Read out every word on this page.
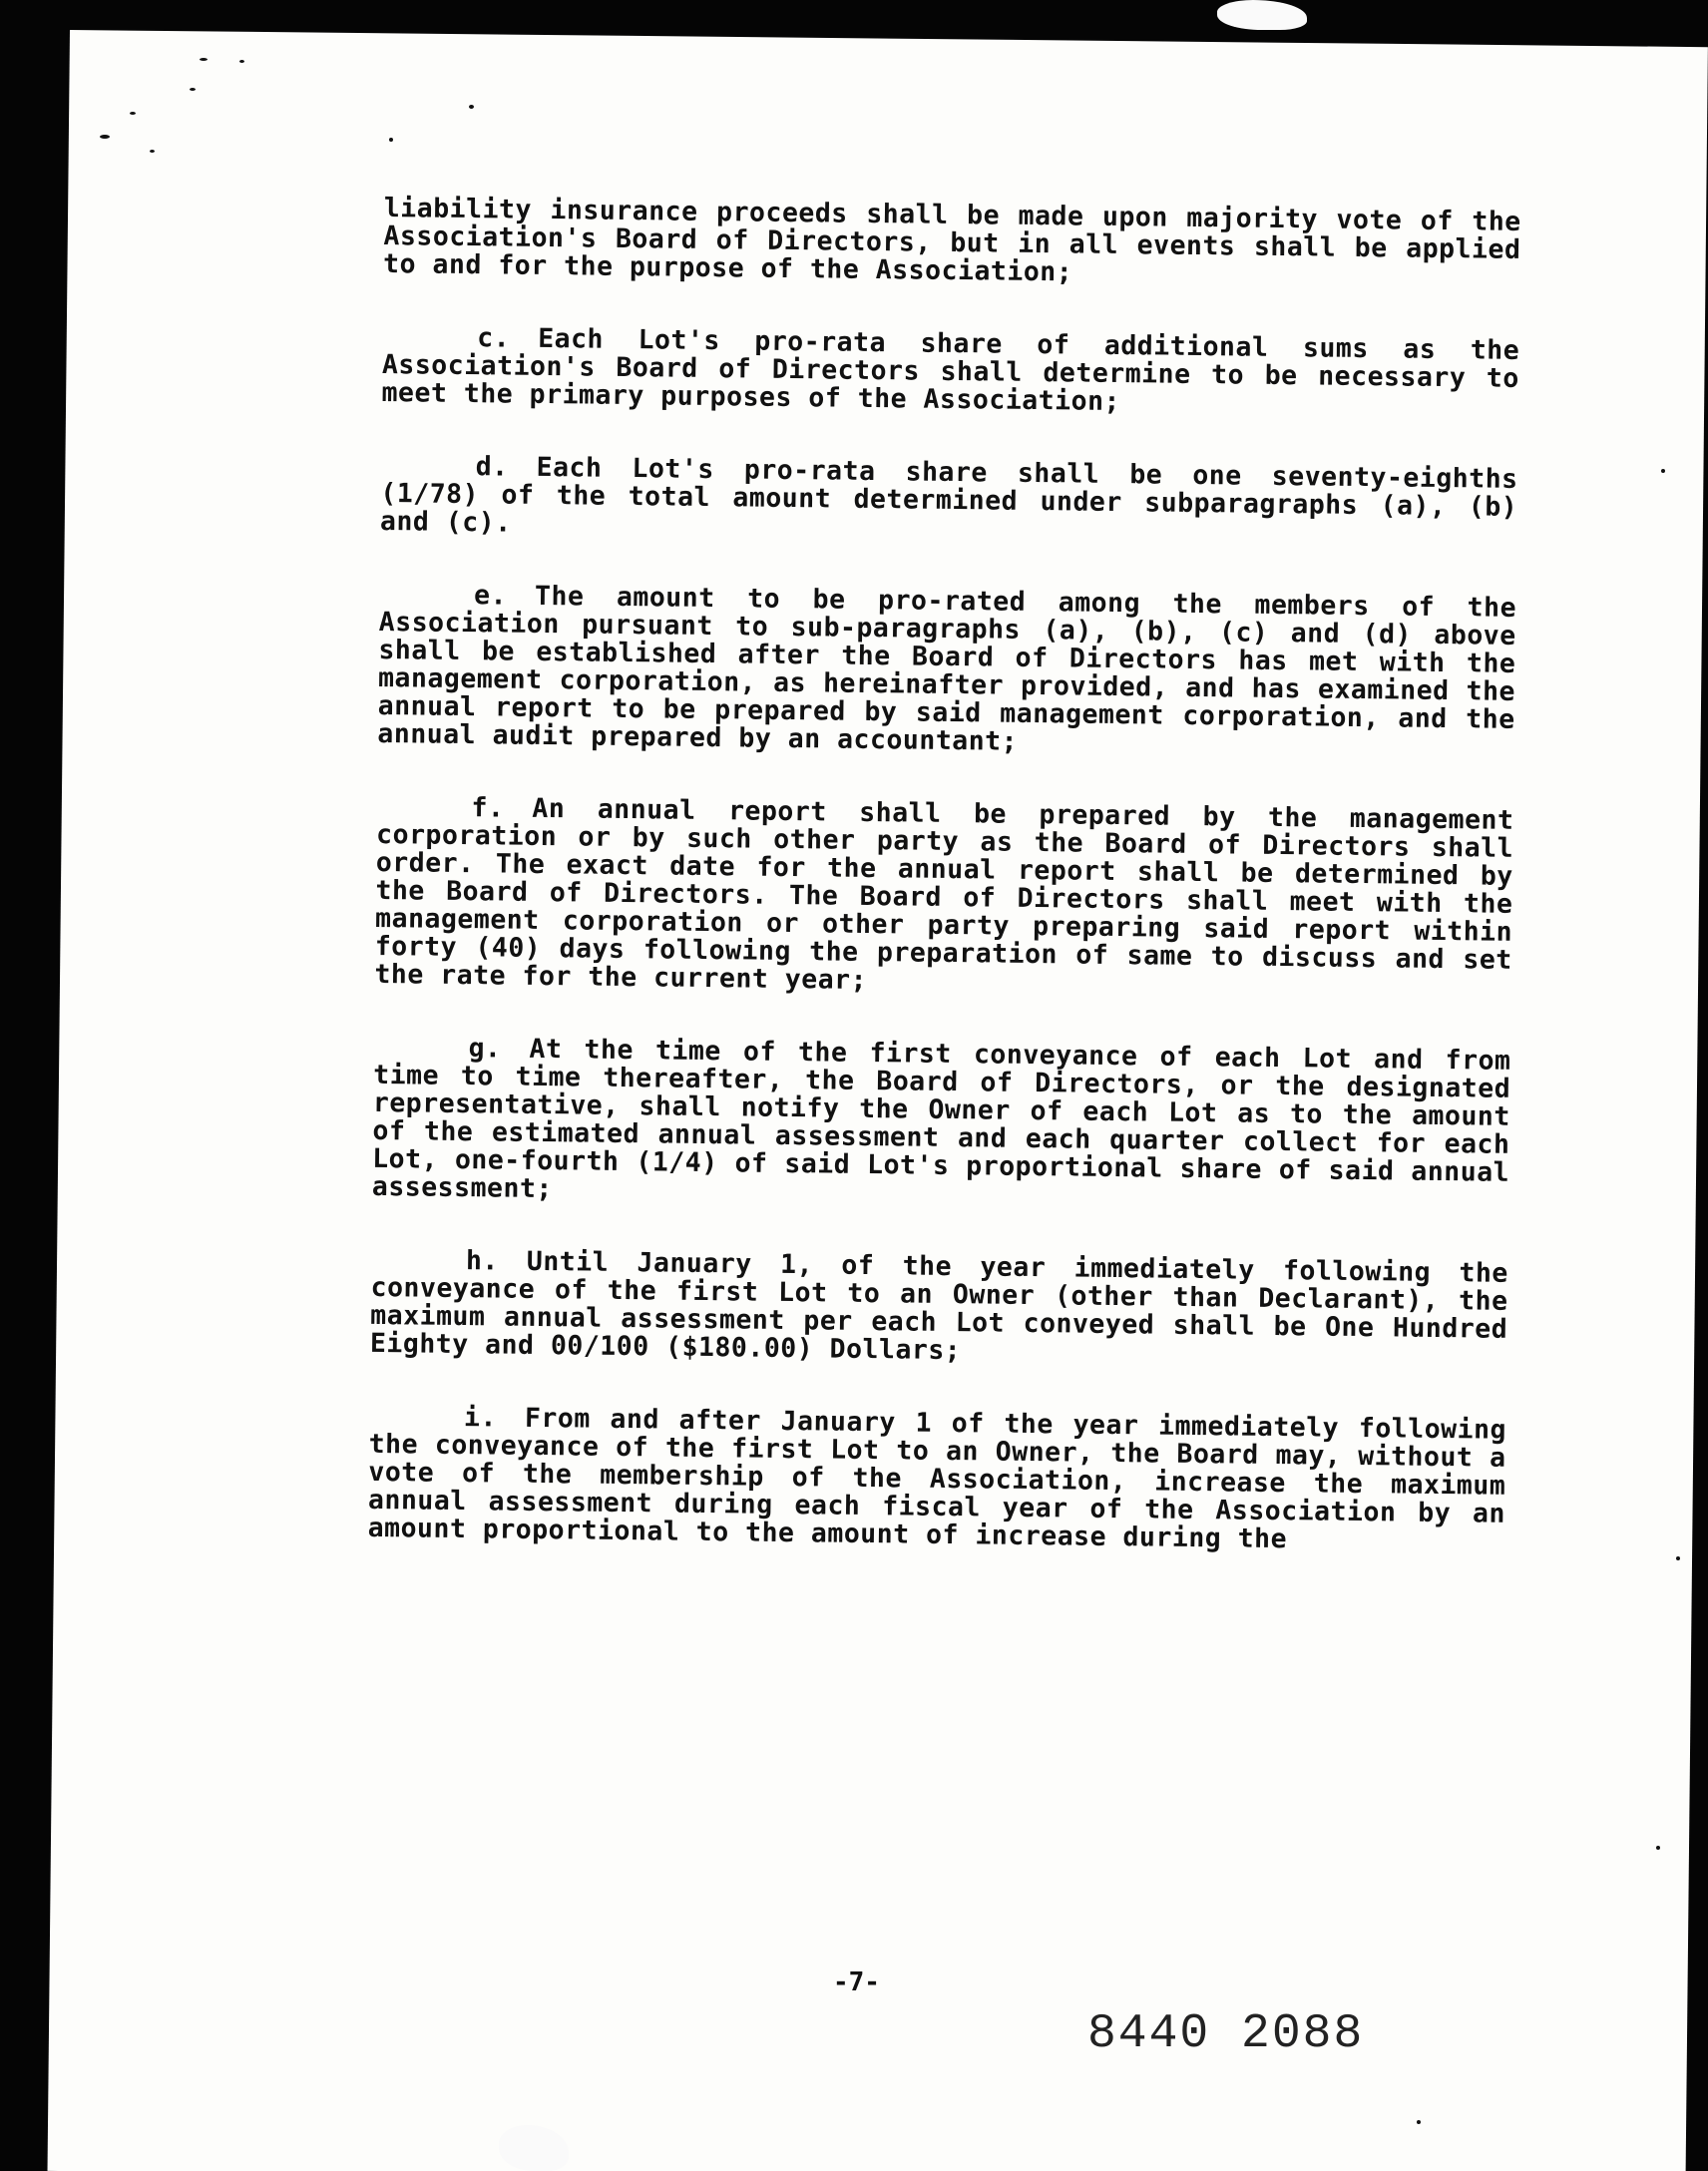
liability insurance proceeds shall be made upon majority vote of the Association's Board of Directors, but in all events shall be applied to and for the purpose of the Association;

c. Each Lot's pro-rata share of additional sums as the Association's Board of Directors shall determine to be necessary to meet the primary purposes of the Association;

d. Each Lot's pro-rata share shall be one seventy-eighths (1/78) of the total amount determined under subparagraphs (a), (b) and (c).

e. The amount to be pro-rated among the members of the Association pursuant to sub-paragraphs (a), (b), (c) and (d) above shall be established after the Board of Directors has met with the management corporation, as hereinafter provided, and has examined the annual report to be prepared by said management corporation, and the annual audit prepared by an accountant;

f. An annual report shall be prepared by the management corporation or by such other party as the Board of Directors shall order. The exact date for the annual report shall be determined by the Board of Directors. The Board of Directors shall meet with the management corporation or other party preparing said report within forty (40) days following the preparation of same to discuss and set the rate for the current year;

g. At the time of the first conveyance of each Lot and from time to time thereafter, the Board of Directors, or the designated representative, shall notify the Owner of each Lot as to the amount of the estimated annual assessment and each quarter collect for each Lot, one-fourth (1/4) of said Lot's proportional share of said annual assessment;

h. Until January 1, of the year immediately following the conveyance of the first Lot to an Owner (other than Declarant), the maximum annual assessment per each Lot conveyed shall be One Hundred Eighty and 00/100 ($180.00) Dollars;

i. From and after January 1 of the year immediately following the conveyance of the first Lot to an Owner, the Board may, without a vote of the membership of the Association, increase the maximum annual assessment during each fiscal year of the Association by an amount proportional to the amount of increase during the

-7-
8440 2088
